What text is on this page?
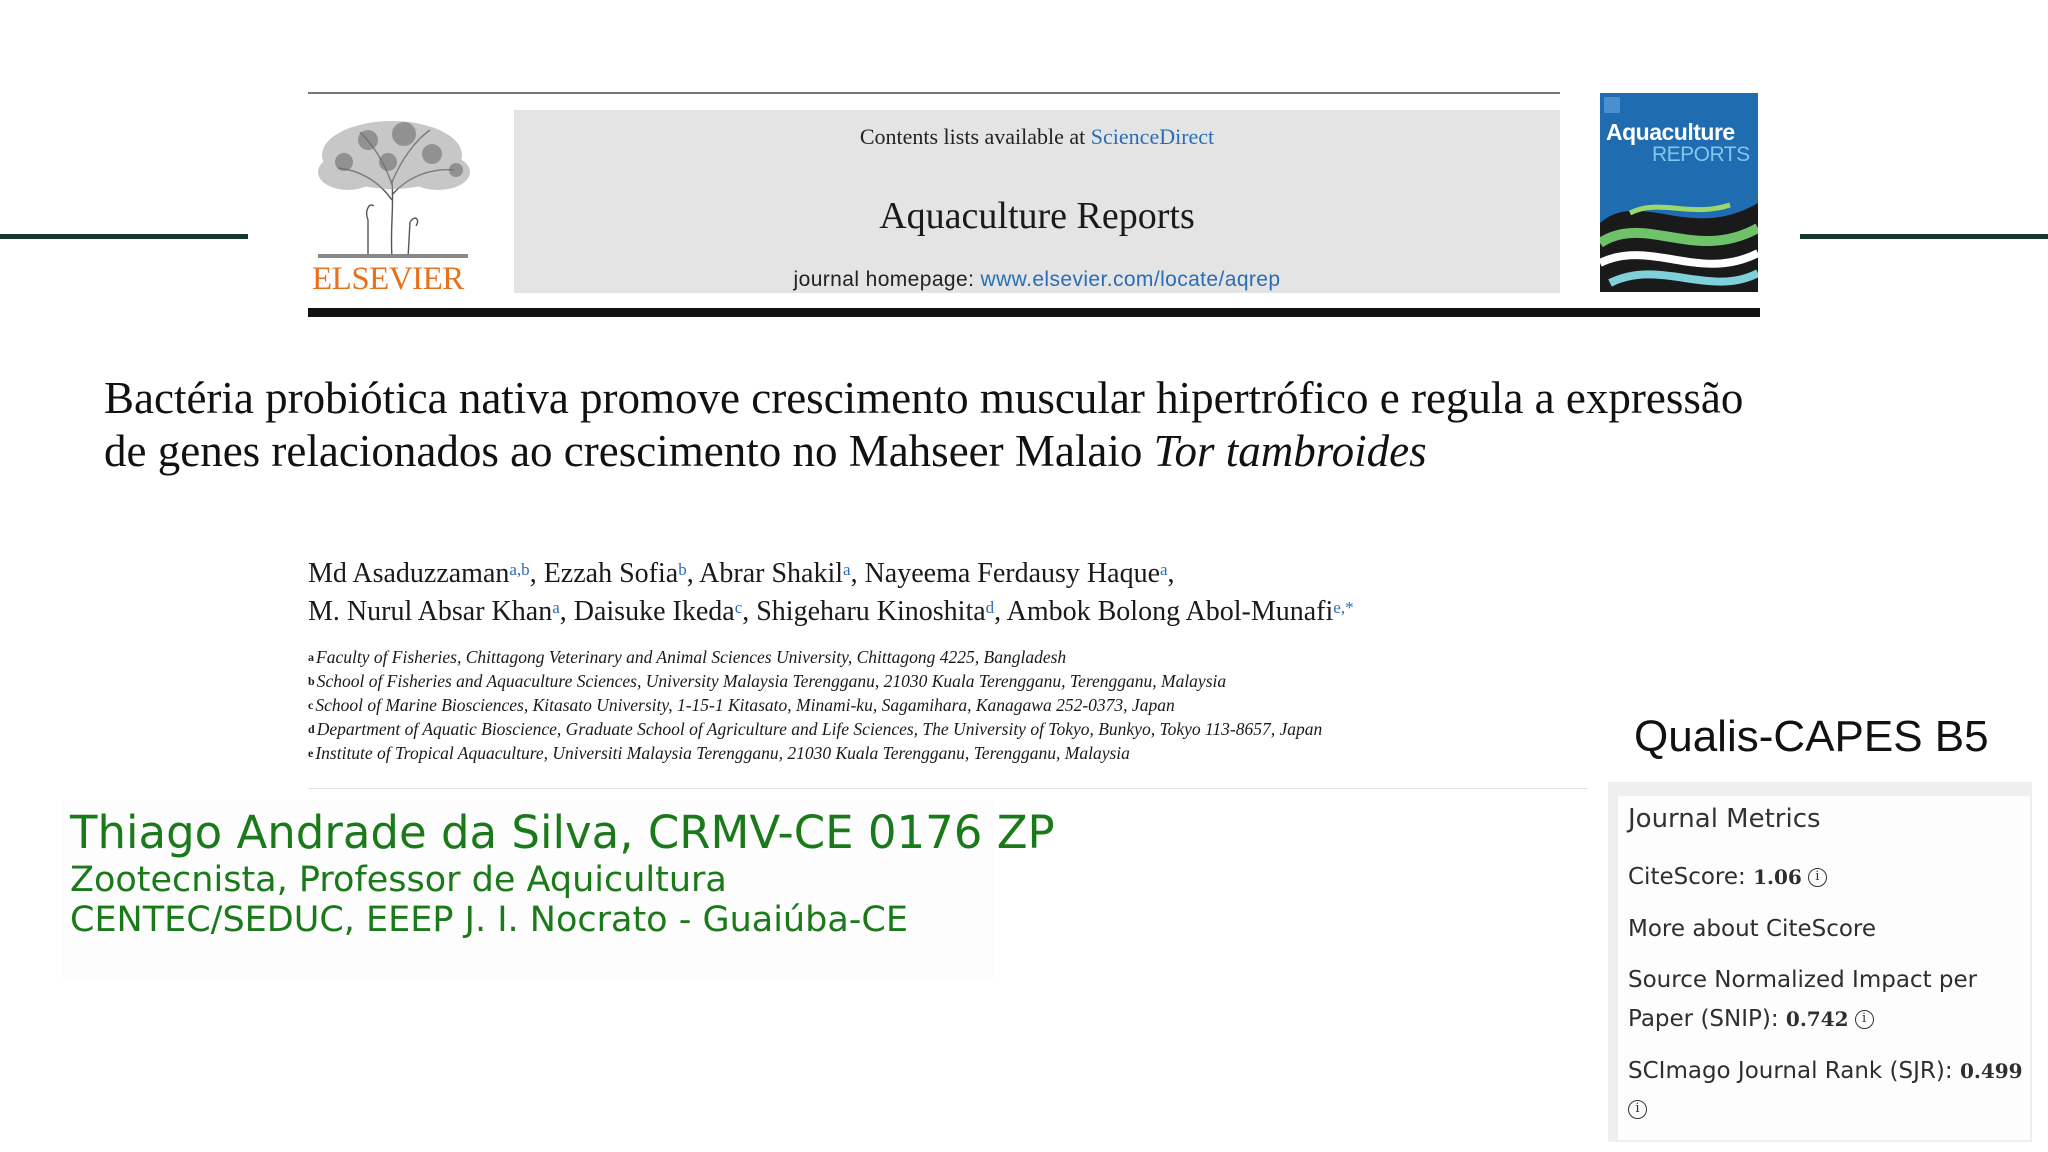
ELSEVIER
Contents lists available at ScienceDirect
Aquaculture Reports
journal homepage: www.elsevier.com/locate/aqrep
Aquaculture
REPORTS
Bactéria probiótica nativa promove crescimento muscular hipertrófico e regula a expressão
de genes relacionados ao crescimento no Mahseer Malaio Tor tambroides
Md Asaduzzaman$^{a,b}$, Ezzah Sofia$^b$, Abrar Shakil$^a$, Nayeema Ferdausy Haque$^a$,
M. Nurul Absar Khan$^a$, Daisuke Ikeda$^c$, Shigeharu Kinoshita$^d$, Ambok Bolong Abol-Munafi$^{e,*}$
$^a$ Faculty of Fisheries, Chittagong Veterinary and Animal Sciences University, Chittagong 4225, Bangladesh
$^b$ School of Fisheries and Aquaculture Sciences, University Malaysia Terengganu, 21030 Kuala Terengganu, Terengganu, Malaysia
$^c$ School of Marine Biosciences, Kitasato University, 1-15-1 Kitasato, Minami-ku, Sagamihara, Kanagawa 252-0373, Japan
$^d$ Department of Aquatic Bioscience, Graduate School of Agriculture and Life Sciences, The University of Tokyo, Bunkyo, Tokyo 113-8657, Japan
$^e$ Institute of Tropical Aquaculture, Universiti Malaysia Terengganu, 21030 Kuala Terengganu, Terengganu, Malaysia
Thiago Andrade da Silva, CRMV-CE 0176 ZP
Zootecnista, Professor de Aquicultura
CENTEC/SEDUC, EEEP J. I. Nocrato - Guaiúba-CE
Qualis-CAPES B5
Journal Metrics
CiteScore: 1.06 i
More about CiteScore
Source Normalized Impact per
Paper (SNIP): 0.742 i
SCImago Journal Rank (SJR): 0.499
i
